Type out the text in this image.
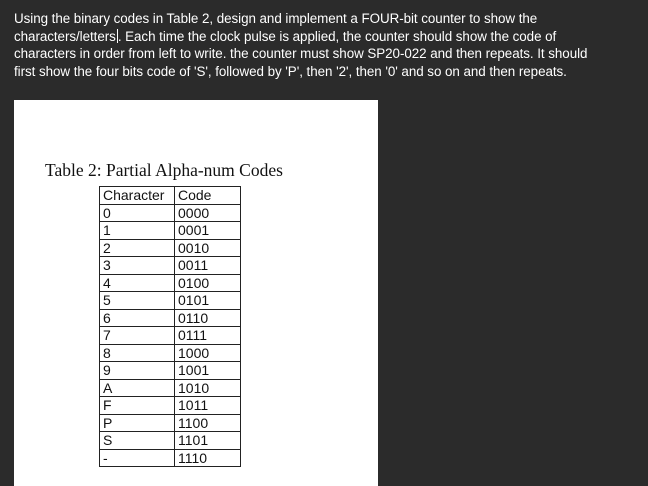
Using the binary codes in Table 2, design and implement a FOUR-bit counter to show the
characters/letters . Each time the clock pulse is applied, the counter should show the code of
characters in order from left to write. the counter must show SP20-022 and then repeats. It should
first show the four bits code of 'S', followed by 'P', then '2', then '0' and so on and then repeats.
Table 2: Partial Alpha-num Codes
Character	Code
0	0000
1	0001
2	0010
3	0011
4	0100
5	0101
6	0110
7	0111
8	1000
9	1001
A	1010
F	1011
P	1100
S	1101
-	1110
